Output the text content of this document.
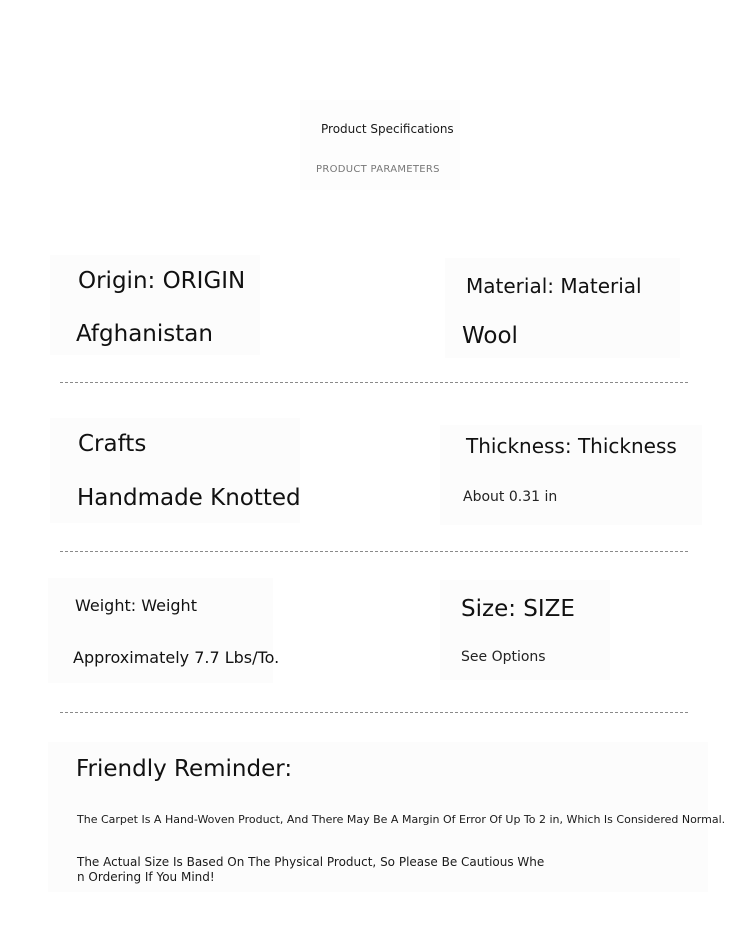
Product Specifications
PRODUCT PARAMETERS
Origin: ORIGIN
Afghanistan
Material: Material
Wool
Crafts
Handmade Knotted
Thickness: Thickness
About 0.31 in
Weight: Weight
Approximately 7.7 Lbs/To.
Size: SIZE
See Options
Friendly Reminder:
The Carpet Is A Hand-Woven Product, And There May Be A Margin Of Error Of Up To 2 in, Which Is Considered Normal.
The Actual Size Is Based On The Physical Product, So Please Be Cautious Whe
n Ordering If You Mind!
